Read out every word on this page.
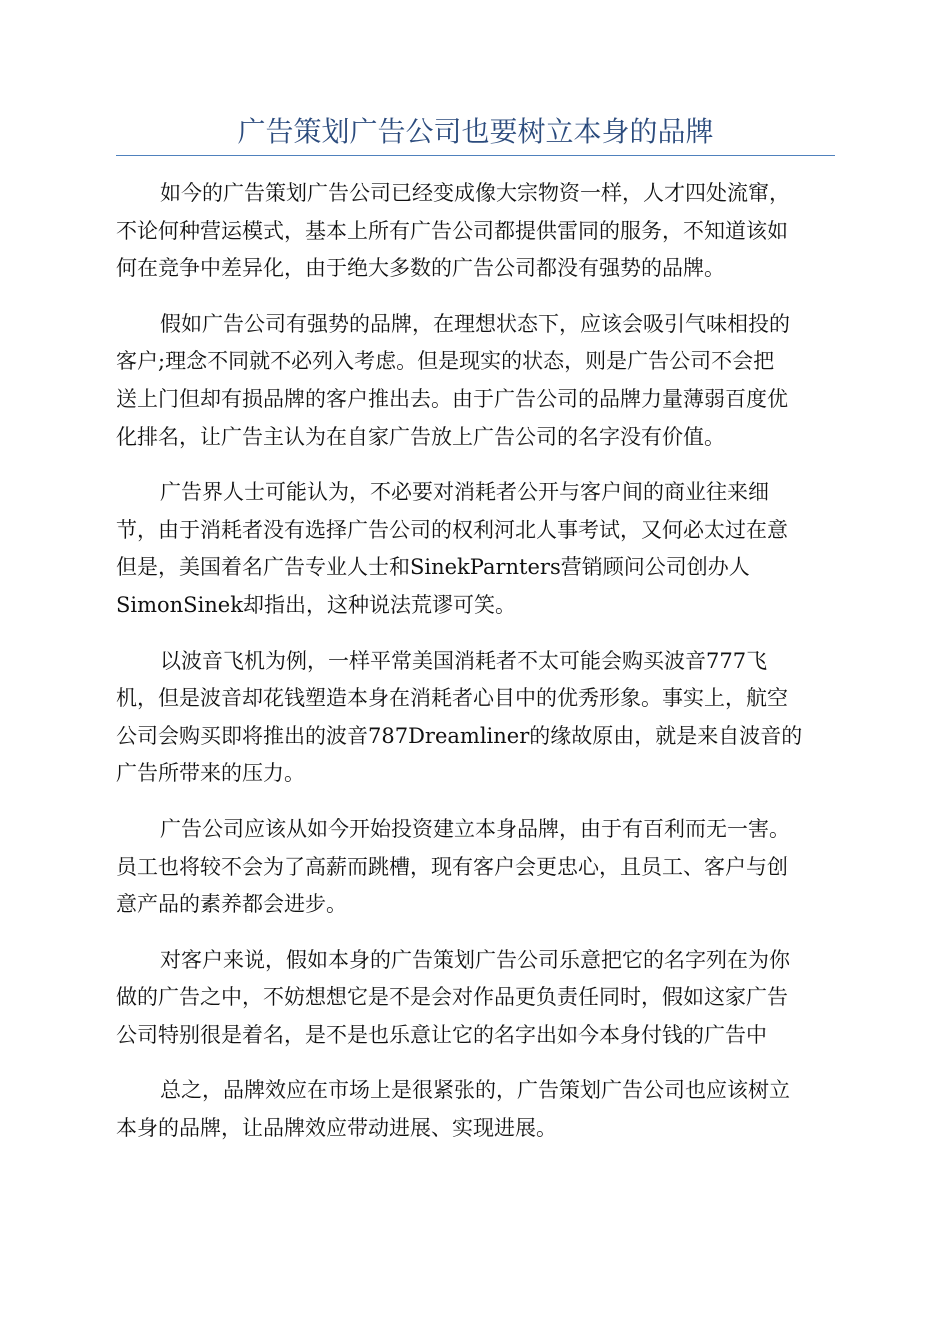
广告策划广告公司也要树立本身的品牌

如今的广告策划广告公司已经变成像大宗物资一样，人才四处流窜，
不论何种营运模式，基本上所有广告公司都提供雷同的服务，不知道该如
何在竞争中差异化，由于绝大多数的广告公司都没有强势的品牌。

假如广告公司有强势的品牌，在理想状态下，应该会吸引气味相投的
客户;理念不同就不必列入考虑。但是现实的状态，则是广告公司不会把
送上门但却有损品牌的客户推出去。由于广告公司的品牌力量薄弱百度优
化排名，让广告主认为在自家广告放上广告公司的名字没有价值。

广告界人士可能认为，不必要对消耗者公开与客户间的商业往来细
节，由于消耗者没有选择广告公司的权利河北人事考试，又何必太过在意
但是，美国着名广告专业人士和SinekParnters营销顾问公司创办人
SimonSinek却指出，这种说法荒谬可笑。

以波音飞机为例，一样平常美国消耗者不太可能会购买波音777飞
机，但是波音却花钱塑造本身在消耗者心目中的优秀形象。事实上，航空
公司会购买即将推出的波音787Dreamliner的缘故原由，就是来自波音的
广告所带来的压力。

广告公司应该从如今开始投资建立本身品牌，由于有百利而无一害。
员工也将较不会为了高薪而跳槽，现有客户会更忠心，且员工、客户与创
意产品的素养都会进步。

对客户来说，假如本身的广告策划广告公司乐意把它的名字列在为你
做的广告之中，不妨想想它是不是会对作品更负责任同时，假如这家广告
公司特别很是着名，是不是也乐意让它的名字出如今本身付钱的广告中

总之，品牌效应在市场上是很紧张的，广告策划广告公司也应该树立
本身的品牌，让品牌效应带动进展、实现进展。
